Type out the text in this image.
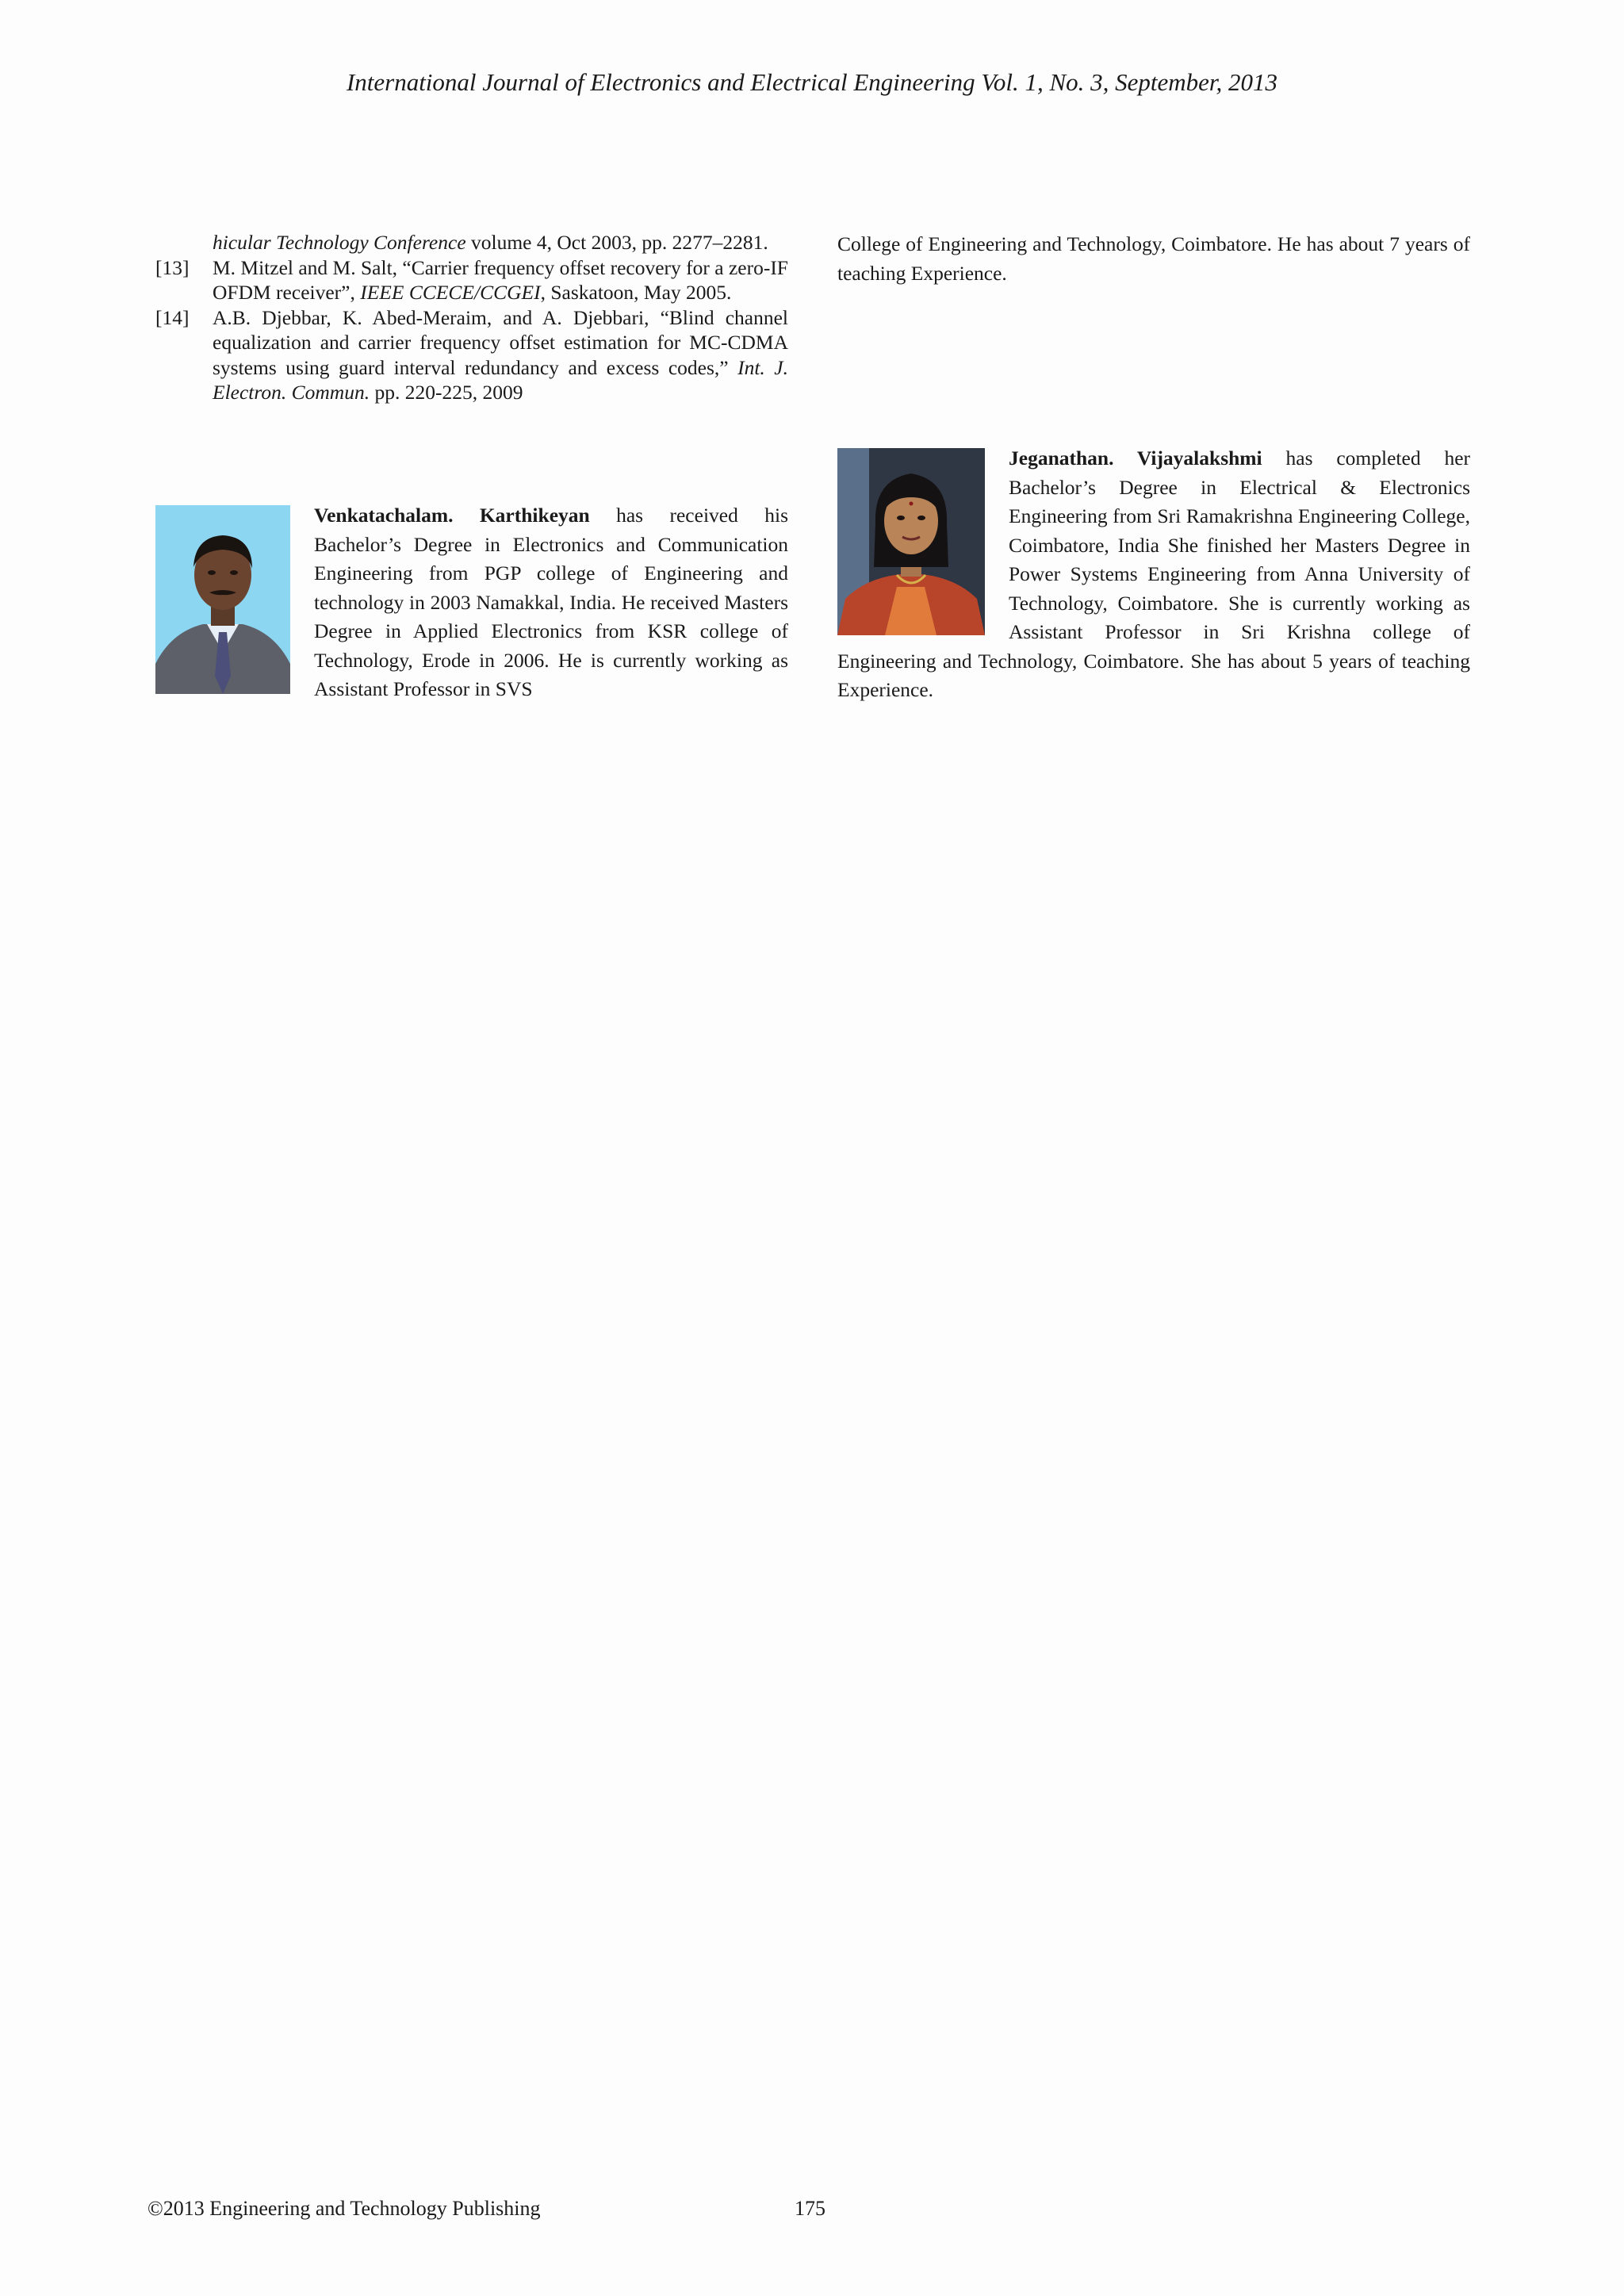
International Journal of Electronics and Electrical Engineering Vol. 1, No. 3, September, 2013
hicular Technology Conference volume 4, Oct 2003, pp. 2277–2281.
[13] M. Mitzel and M. Salt, “Carrier frequency offset recovery for a zero-IF OFDM receiver”, IEEE CCECE/CCGEI, Saskatoon, May 2005.
[14] A.B. Djebbar, K. Abed-Meraim, and A. Djebbari, “Blind channel equalization and carrier frequency offset estimation for MC-CDMA systems using guard interval redundancy and excess codes,” Int. J. Electron. Commun. pp. 220-225, 2009

Venkatachalam. Karthikeyan has received his Bachelor’s Degree in Electronics and Communication Engineering from PGP college of Engineering and technology in 2003 Namakkal, India. He received Masters Degree in Applied Electronics from KSR college of Technology, Erode in 2006. He is currently working as Assistant Professor in SVS

College of Engineering and Technology, Coimbatore. He has about 7 years of teaching Experience.

Jeganathan. Vijayalakshmi has completed her Bachelor’s Degree in Electrical & Electronics Engineering from Sri Ramakrishna Engineering College, Coimbatore, India She finished her Masters Degree in Power Systems Engineering from Anna University of Technology, Coimbatore. She is currently working as Assistant Professor in Sri Krishna college of Engineering and Technology, Coimbatore. She has about 5 years of teaching Experience.

©2013 Engineering and Technology Publishing	175
